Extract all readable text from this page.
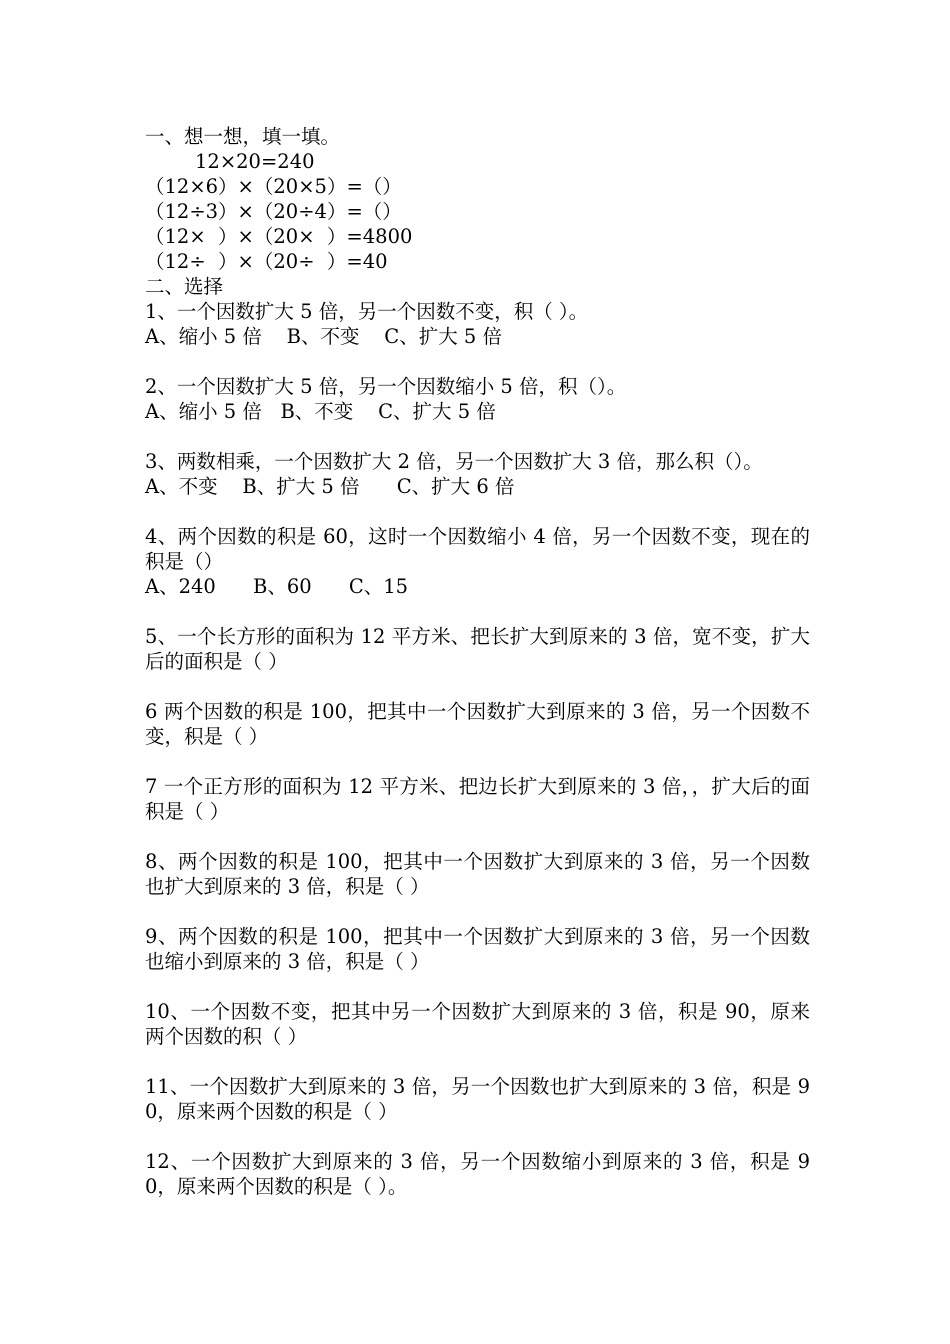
一、想一想，填一填。
12×20=240
（12×6）×（20×5）=（）
（12÷3）×（20÷4）=（）
（12×  ）×（20×  ）=4800
（12÷  ）×（20÷  ）=40
二、选择
1、一个因数扩大 5 倍，另一个因数不变，积（ ）。
A、缩小 5 倍    B、不变    C、扩大 5 倍
2、一个因数扩大 5 倍，另一个因数缩小 5 倍，积（）。
A、缩小 5 倍   B、不变    C、扩大 5 倍
3、两数相乘，一个因数扩大 2 倍，另一个因数扩大 3 倍，那么积（）。
A、不变    B、扩大 5 倍      C、扩大 6 倍
4、两个因数的积是 60，这时一个因数缩小 4 倍，另一个因数不变，现在的积是（）
A、240      B、60      C、15
5、一个长方形的面积为 12 平方米、把长扩大到原来的 3 倍，宽不变，扩大后的面积是（ ）
6 两个因数的积是 100，把其中一个因数扩大到原来的 3 倍，另一个因数不变，积是（ ）
7 一个正方形的面积为 12 平方米、把边长扩大到原来的 3 倍，，扩大后的面积是（ ）
8、两个因数的积是 100，把其中一个因数扩大到原来的 3 倍，另一个因数也扩大到原来的 3 倍，积是（ ）
9、两个因数的积是 100，把其中一个因数扩大到原来的 3 倍，另一个因数也缩小到原来的 3 倍，积是（ ）
10、一个因数不变，把其中另一个因数扩大到原来的 3 倍，积是 90，原来两个因数的积（ ）
11、一个因数扩大到原来的 3 倍，另一个因数也扩大到原来的 3 倍，积是 90，原来两个因数的积是（ ）
12、一个因数扩大到原来的 3 倍，另一个因数缩小到原来的 3 倍，积是 90，原来两个因数的积是（ ）。
